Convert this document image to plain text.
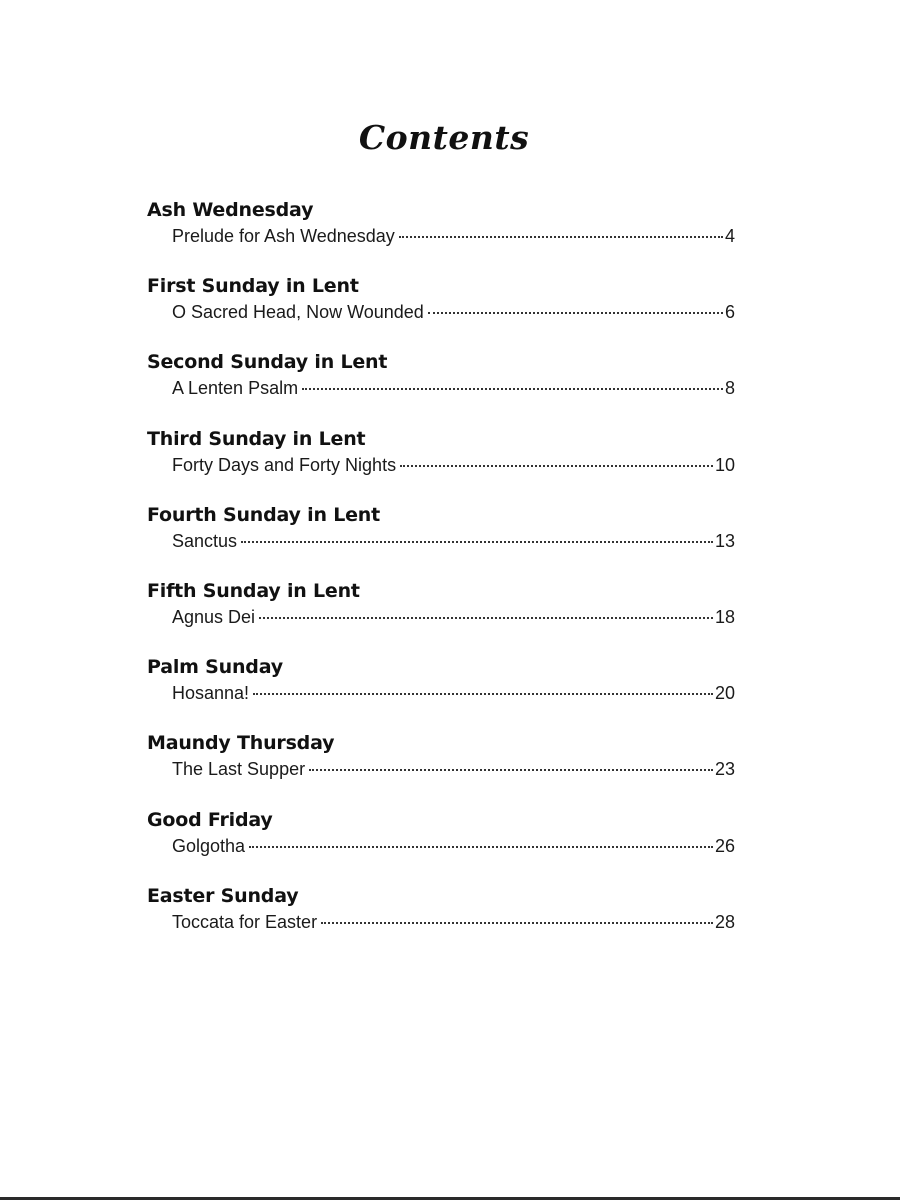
Contents
Ash Wednesday
Prelude for Ash Wednesday	4
First Sunday in Lent
O Sacred Head, Now Wounded	6
Second Sunday in Lent
A Lenten Psalm	8
Third Sunday in Lent
Forty Days and Forty Nights	10
Fourth Sunday in Lent
Sanctus	13
Fifth Sunday in Lent
Agnus Dei	18
Palm Sunday
Hosanna!	20
Maundy Thursday
The Last Supper	23
Good Friday
Golgotha	26
Easter Sunday
Toccata for Easter	28
